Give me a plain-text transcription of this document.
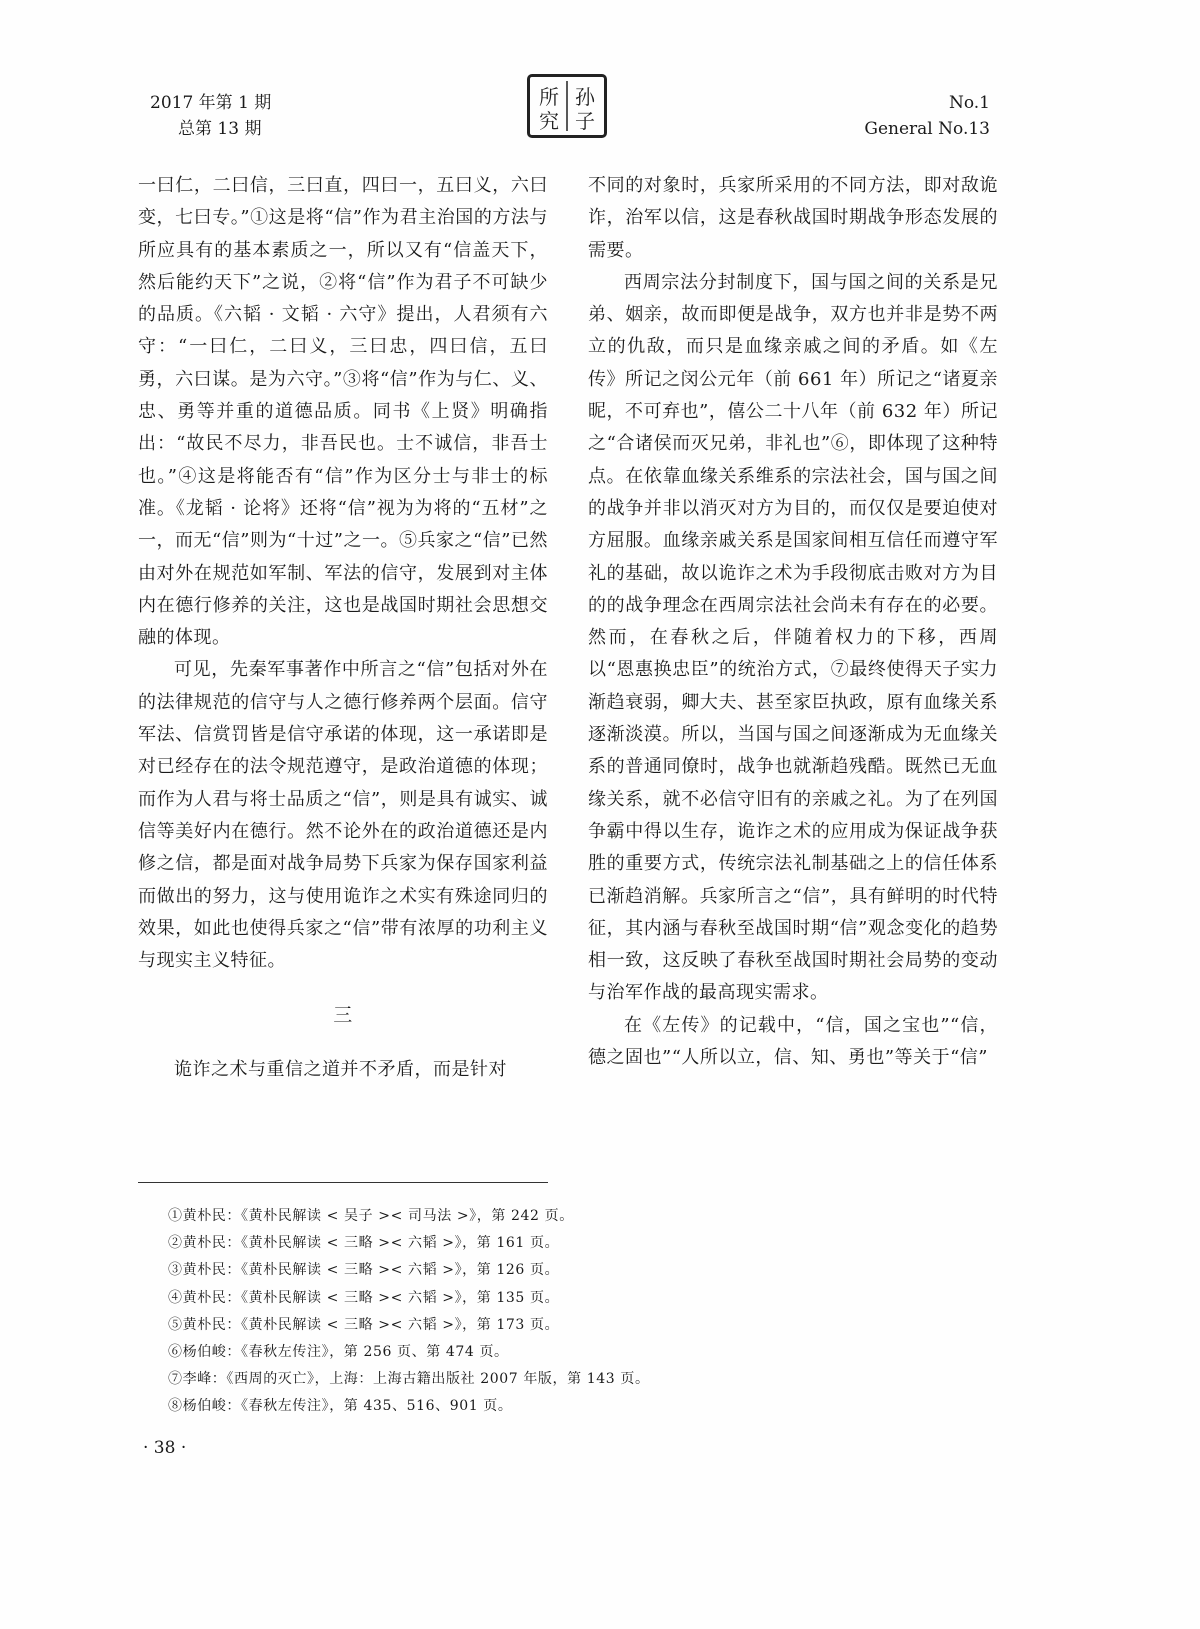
2017 年第 1 期
总第 13 期
所 孙
究 子
No.1
General No.13

一曰仁，二曰信，三曰直，四曰一，五曰义，六曰变，七曰专。”①这是将“信”作为君主治国的方法与所应具有的基本素质之一，所以又有“信盖天下，然后能约天下”之说，②将“信”作为君子不可缺少的品质。《六韬 · 文韬 · 六守》提出，人君须有六守：“一曰仁，二曰义，三曰忠，四曰信，五曰勇，六曰谋。是为六守。”③将“信”作为与仁、义、忠、勇等并重的道德品质。同书《上贤》明确指出：“故民不尽力，非吾民也。士不诚信，非吾士也。”④这是将能否有“信”作为区分士与非士的标准。《龙韬 · 论将》还将“信”视为为将的“五材”之一，而无“信”则为“十过”之一。⑤兵家之“信”已然由对外在规范如军制、军法的信守，发展到对主体内在德行修养的关注，这也是战国时期社会思想交融的体现。

可见，先秦军事著作中所言之“信”包括对外在的法律规范的信守与人之德行修养两个层面。信守军法、信赏罚皆是信守承诺的体现，这一承诺即是对已经存在的法令规范遵守，是政治道德的体现；而作为人君与将士品质之“信”，则是具有诚实、诚信等美好内在德行。然不论外在的政治道德还是内修之信，都是面对战争局势下兵家为保存国家利益而做出的努力，这与使用诡诈之术实有殊途同归的效果，如此也使得兵家之“信”带有浓厚的功利主义与现实主义特征。

三

诡诈之术与重信之道并不矛盾，而是针对

不同的对象时，兵家所采用的不同方法，即对敌诡诈，治军以信，这是春秋战国时期战争形态发展的需要。

西周宗法分封制度下，国与国之间的关系是兄弟、姻亲，故而即便是战争，双方也并非是势不两立的仇敌，而只是血缘亲戚之间的矛盾。如《左传》所记之闵公元年（前 661 年）所记之“诸夏亲昵，不可弃也”，僖公二十八年（前 632 年）所记之“合诸侯而灭兄弟，非礼也”⑥，即体现了这种特点。在依靠血缘关系维系的宗法社会，国与国之间的战争并非以消灭对方为目的，而仅仅是要迫使对方屈服。血缘亲戚关系是国家间相互信任而遵守军礼的基础，故以诡诈之术为手段彻底击败对方为目的的战争理念在西周宗法社会尚未有存在的必要。然而，在春秋之后，伴随着权力的下移，西周以“恩惠换忠臣”的统治方式，⑦最终使得天子实力渐趋衰弱，卿大夫、甚至家臣执政，原有血缘关系逐渐淡漠。所以，当国与国之间逐渐成为无血缘关系的普通同僚时，战争也就渐趋残酷。既然已无血缘关系，就不必信守旧有的亲戚之礼。为了在列国争霸中得以生存，诡诈之术的应用成为保证战争获胜的重要方式，传统宗法礼制基础之上的信任体系已渐趋消解。兵家所言之“信”，具有鲜明的时代特征，其内涵与春秋至战国时期“信”观念变化的趋势相一致，这反映了春秋至战国时期社会局势的变动与治军作战的最高现实需求。

在《左传》的记载中，“信，国之宝也”“信，德之固也”“人所以立，信、知、勇也”等关于“信”

①黄朴民：《黄朴民解读 < 吴子 >< 司马法 >》，第 242 页。
②黄朴民：《黄朴民解读 < 三略 >< 六韬 >》，第 161 页。
③黄朴民：《黄朴民解读 < 三略 >< 六韬 >》，第 126 页。
④黄朴民：《黄朴民解读 < 三略 >< 六韬 >》，第 135 页。
⑤黄朴民：《黄朴民解读 < 三略 >< 六韬 >》，第 173 页。
⑥杨伯峻：《春秋左传注》，第 256 页、第 474 页。
⑦李峰：《西周的灭亡》，上海：上海古籍出版社 2007 年版，第 143 页。
⑧杨伯峻：《春秋左传注》，第 435、516、901 页。
· 38 ·
